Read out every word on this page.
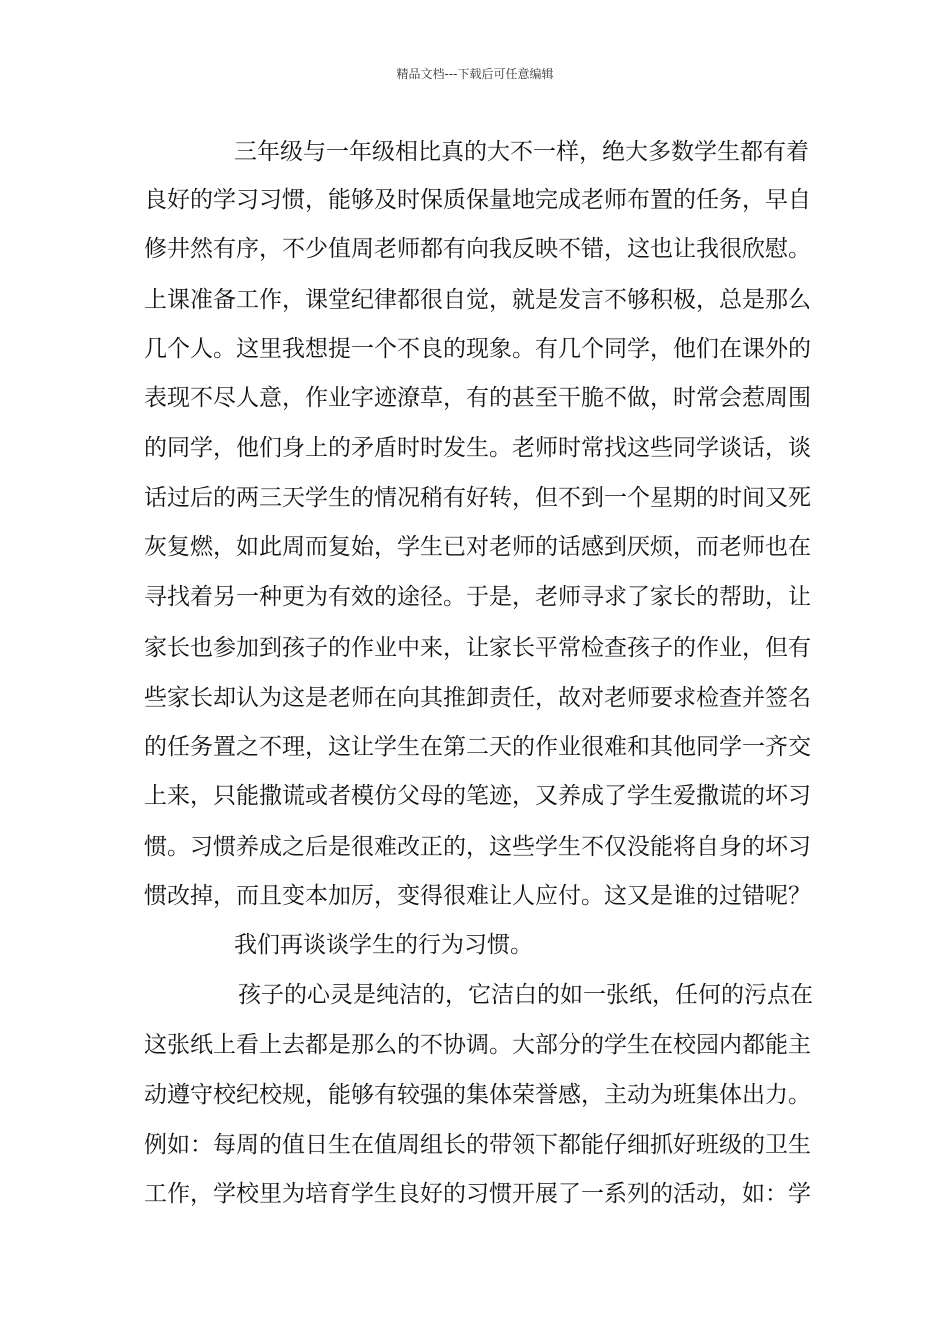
精品文档---下载后可任意编辑
三年级与一年级相比真的大不一样，绝大多数学生都有着
良好的学习习惯，能够及时保质保量地完成老师布置的任务，早自
修井然有序，不少值周老师都有向我反映不错，这也让我很欣慰。
上课准备工作，课堂纪律都很自觉，就是发言不够积极，总是那么
几个人。这里我想提一个不良的现象。有几个同学，他们在课外的
表现不尽人意，作业字迹潦草，有的甚至干脆不做，时常会惹周围
的同学，他们身上的矛盾时时发生。老师时常找这些同学谈话，谈
话过后的两三天学生的情况稍有好转，但不到一个星期的时间又死
灰复燃，如此周而复始，学生已对老师的话感到厌烦，而老师也在
寻找着另一种更为有效的途径。于是，老师寻求了家长的帮助，让
家长也参加到孩子的作业中来，让家长平常检查孩子的作业，但有
些家长却认为这是老师在向其推卸责任，故对老师要求检查并签名
的任务置之不理，这让学生在第二天的作业很难和其他同学一齐交
上来，只能撒谎或者模仿父母的笔迹，又养成了学生爱撒谎的坏习
惯。习惯养成之后是很难改正的，这些学生不仅没能将自身的坏习
惯改掉，而且变本加厉，变得很难让人应付。这又是谁的过错呢？
我们再谈谈学生的行为习惯。
孩子的心灵是纯洁的，它洁白的如一张纸，任何的污点在
这张纸上看上去都是那么的不协调。大部分的学生在校园内都能主
动遵守校纪校规，能够有较强的集体荣誉感，主动为班集体出力。
例如：每周的值日生在值周组长的带领下都能仔细抓好班级的卫生
工作，学校里为培育学生良好的习惯开展了一系列的活动，如：学
